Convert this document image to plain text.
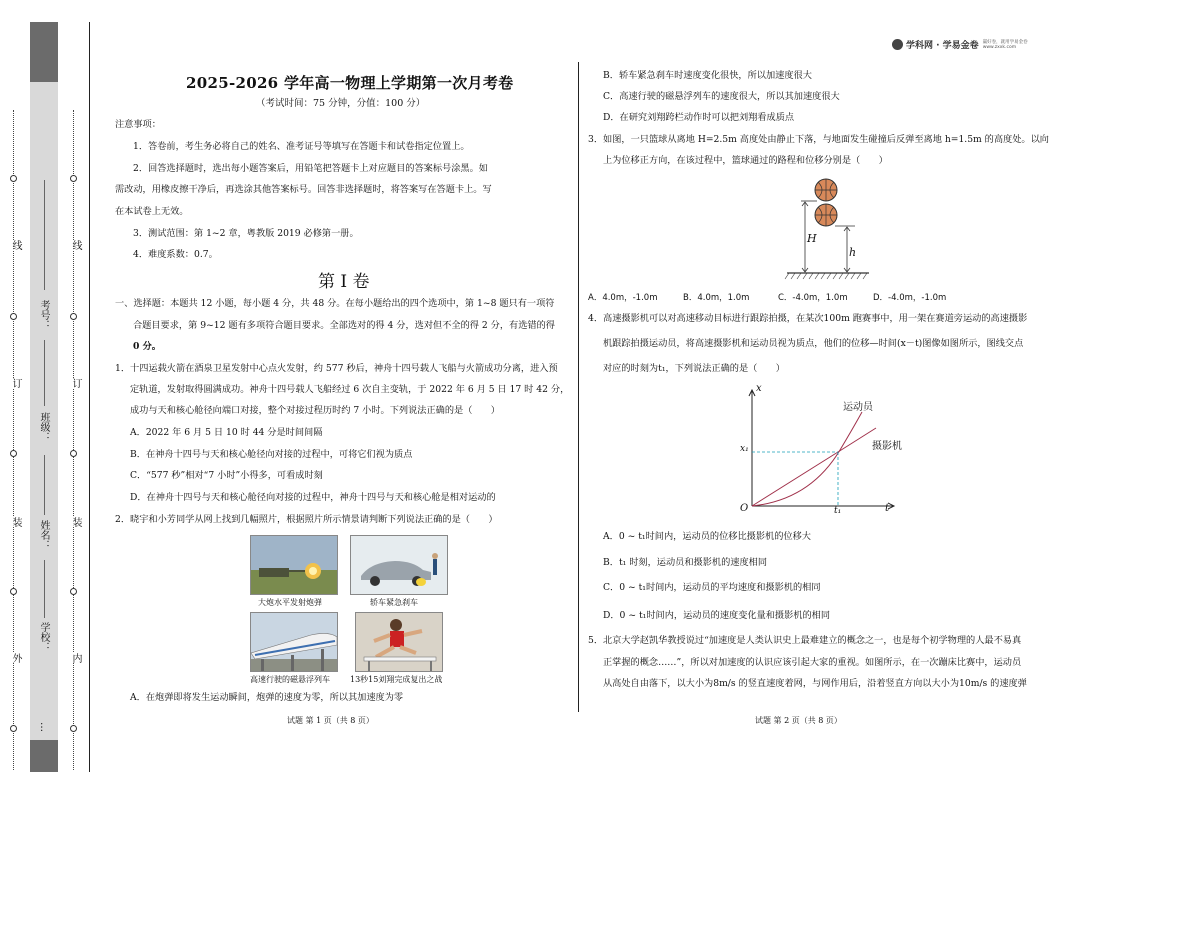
线
订
装
外
考号：
班级：
姓名：
学校：
…
线
订
装
内
学科网 · 学易金卷 赢好卷，就用学易金卷
www.zxxk.com
2025-2026 学年高一物理上学期第一次月考卷
（考试时间：75 分钟，分值：100 分）
注意事项：
1．答卷前，考生务必将自己的姓名、准考证号等填写在答题卡和试卷指定位置上。
2．回答选择题时，选出每小题答案后，用铅笔把答题卡上对应题目的答案标号涂黑。如
需改动，用橡皮擦干净后，再选涂其他答案标号。回答非选择题时，将答案写在答题卡上。写
在本试卷上无效。
3．测试范围：第 1~2 章，粤教版 2019 必修第一册。
4．难度系数：0.7。
第 I 卷
一、选择题：本题共 12 小题，每小题 4 分，共 48 分。在每小题给出的四个选项中，第 1~8 题只有一项符
合题目要求，第 9~12 题有多项符合题目要求。全部选对的得 4 分，选对但不全的得 2 分，有选错的得
0 分。
1．十四运载火箭在酒泉卫星发射中心点火发射，约 577 秒后，神舟十四号载人飞船与火箭成功分离，进入预
定轨道，发射取得圆满成功。神舟十四号载人飞船经过 6 次自主变轨，于 2022 年 6 月 5 日 17 时 42 分，
成功与天和核心舱径向端口对接，整个对接过程历时约 7 小时。下列说法正确的是（　　）
A．2022 年 6 月 5 日 10 时 44 分是时间间隔
B．在神舟十四号与天和核心舱径向对接的过程中，可将它们视为质点
C．“577 秒”相对“7 小时”小得多，可看成时刻
D．在神舟十四号与天和核心舱径向对接的过程中，神舟十四号与天和核心舱是相对运动的
2．晓宇和小芳同学从网上找到几幅照片，根据照片所示情景请判断下列说法正确的是（　　）
大炮水平发射炮弹	轿车紧急刹车
高速行驶的磁悬浮列车	13秒15刘翔完成复出之战
A．在炮弹即将发生运动瞬间，炮弹的速度为零，所以其加速度为零
试题 第 1 页（共 8 页）
B．轿车紧急刹车时速度变化很快，所以加速度很大
C．高速行驶的磁悬浮列车的速度很大，所以其加速度很大
D．在研究刘翔跨栏动作时可以把刘翔看成质点
3．如图，一只篮球从离地 H=2.5m 高度处由静止下落，与地面发生碰撞后反弹至离地 h=1.5m 的高度处。以向
上为位移正方向，在该过程中，篮球通过的路程和位移分别是（　　）
H
h
A．4.0m，-1.0m	B．4.0m，1.0m	C．-4.0m，1.0m	D．-4.0m，-1.0m
4．高速摄影机可以对高速移动目标进行跟踪拍摄，在某次100m 跑赛事中，用一架在赛道旁运动的高速摄影
机跟踪拍摄运动员，将高速摄影机和运动员视为质点，他们的位移—时间(x－t)图像如图所示，图线交点
对应的时刻为t₁，下列说法正确的是（　　）
x
t
O
x₁
t₁
运动员
摄影机
A．0 ~ t₁时间内，运动员的位移比摄影机的位移大
B．t₁ 时刻，运动员和摄影机的速度相同
C．0 ~ t₁时间内，运动员的平均速度和摄影机的相同
D．0 ~ t₁时间内，运动员的速度变化量和摄影机的相同
5．北京大学赵凯华教授说过“加速度是人类认识史上最难建立的概念之一，也是每个初学物理的人最不易真
正掌握的概念……”，所以对加速度的认识应该引起大家的重视。如图所示，在一次蹦床比赛中，运动员
从高处自由落下，以大小为8m/s 的竖直速度着网，与网作用后，沿着竖直方向以大小为10m/s 的速度弹
试题 第 2 页（共 8 页）
